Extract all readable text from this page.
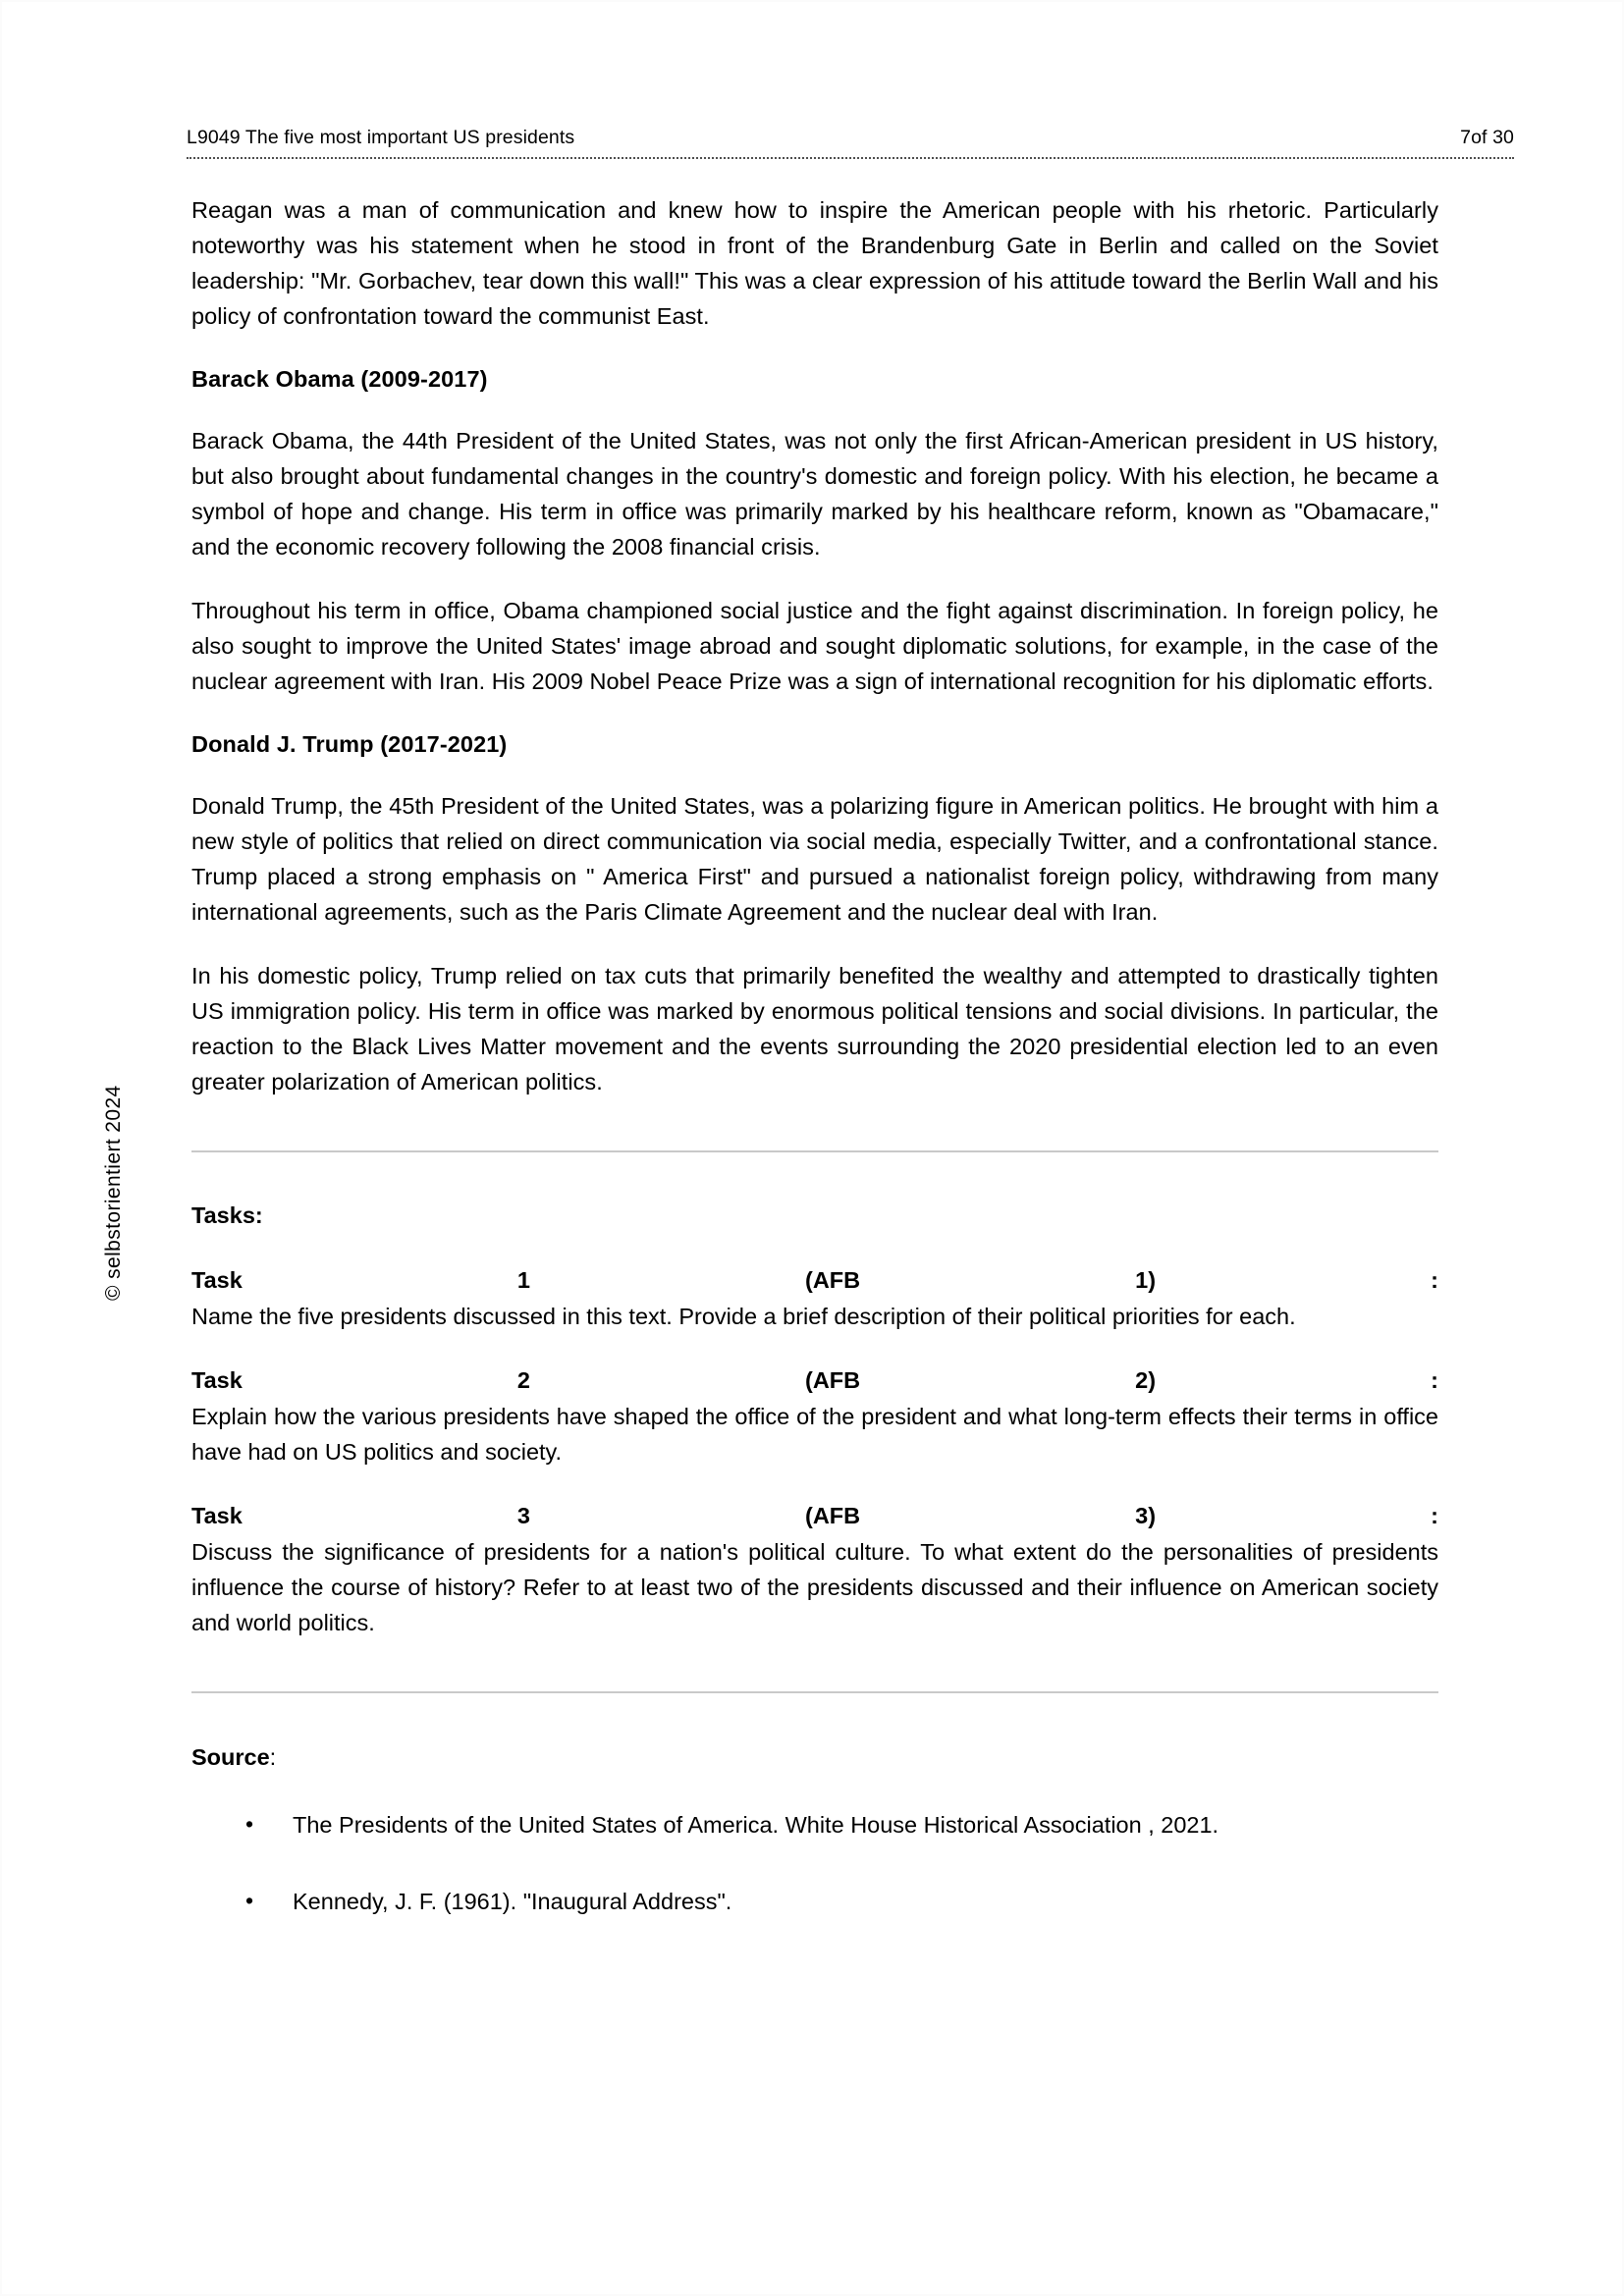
© selbstorientiert 2024
L9049 The five most important US presidents	7of 30

Reagan was a man of communication and knew how to inspire the American people with his rhetoric. Particularly noteworthy was his statement when he stood in front of the Brandenburg Gate in Berlin and called on the Soviet leadership: "Mr. Gorbachev, tear down this wall!" This was a clear expression of his attitude toward the Berlin Wall and his policy of confrontation toward the communist East.

Barack Obama (2009-2017)

Barack Obama, the 44th President of the United States, was not only the first African-American president in US history, but also brought about fundamental changes in the country's domestic and foreign policy. With his election, he became a symbol of hope and change. His term in office was primarily marked by his healthcare reform, known as "Obamacare," and the economic recovery following the 2008 financial crisis.

Throughout his term in office, Obama championed social justice and the fight against discrimination. In foreign policy, he also sought to improve the United States' image abroad and sought diplomatic solutions, for example, in the case of the nuclear agreement with Iran. His 2009 Nobel Peace Prize was a sign of international recognition for his diplomatic efforts.

Donald J. Trump (2017-2021)

Donald Trump, the 45th President of the United States, was a polarizing figure in American politics. He brought with him a new style of politics that relied on direct communication via social media, especially Twitter, and a confrontational stance. Trump placed a strong emphasis on " America First" and pursued a nationalist foreign policy, withdrawing from many international agreements, such as the Paris Climate Agreement and the nuclear deal with Iran.

In his domestic policy, Trump relied on tax cuts that primarily benefited the wealthy and attempted to drastically tighten US immigration policy. His term in office was marked by enormous political tensions and social divisions. In particular, the reaction to the Black Lives Matter movement and the events surrounding the 2020 presidential election led to an even greater polarization of American politics.

Tasks:
Task	1	(AFB	1)	:

Name the five presidents discussed in this text. Provide a brief description of their political priorities for each.

Task	2	(AFB	2)	:

Explain how the various presidents have shaped the office of the president and what long-term effects their terms in office have had on US politics and society.

Task	3	(AFB	3)	:

Discuss the significance of presidents for a nation's political culture. To what extent do the personalities of presidents influence the course of history? Refer to at least two of the presidents discussed and their influence on American society and world politics.

Source:
• The Presidents of the United States of America. White House Historical Association , 2021.
• Kennedy, J. F. (1961). "Inaugural Address".
